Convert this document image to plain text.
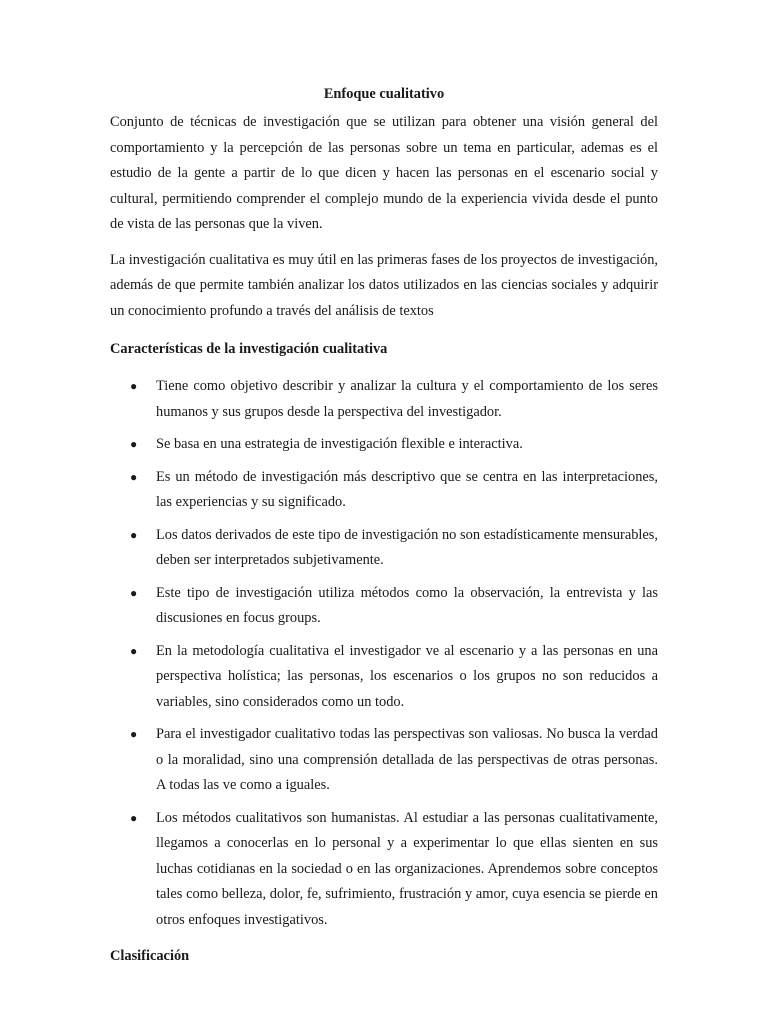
Enfoque cualitativo

Conjunto de técnicas de investigación que se utilizan para obtener una visión general del comportamiento y la percepción de las personas sobre un tema en particular, ademas es el estudio de la gente a partir de lo que dicen y hacen las personas en el escenario social y cultural, permitiendo comprender el complejo mundo de la experiencia vivida desde el punto de vista de las personas que la viven.

La investigación cualitativa es muy útil en las primeras fases de los proyectos de investigación, además de que permite también analizar los datos utilizados en las ciencias sociales y adquirir un conocimiento profundo a través del análisis de textos

Características de la investigación cualitativa
● Tiene como objetivo describir y analizar la cultura y el comportamiento de los seres humanos y sus grupos desde la perspectiva del investigador.
● Se basa en una estrategia de investigación flexible e interactiva.
● Es un método de investigación más descriptivo que se centra en las interpretaciones, las experiencias y su significado.
● Los datos derivados de este tipo de investigación no son estadísticamente mensurables, deben ser interpretados subjetivamente.
● Este tipo de investigación utiliza métodos como la observación, la entrevista y las discusiones en focus groups.
● En la metodología cualitativa el investigador ve al escenario y a las personas en una perspectiva holística; las personas, los escenarios o los grupos no son reducidos a variables, sino considerados como un todo.
● Para el investigador cualitativo todas las perspectivas son valiosas. No busca la verdad o la moralidad, sino una comprensión detallada de las perspectivas de otras personas. A todas las ve como a iguales.
● Los métodos cualitativos son humanistas. Al estudiar a las personas cualitativamente, llegamos a conocerlas en lo personal y a experimentar lo que ellas sienten en sus luchas cotidianas en la sociedad o en las organizaciones. Aprendemos sobre conceptos tales como belleza, dolor, fe, sufrimiento, frustración y amor, cuya esencia se pierde en otros enfoques investigativos.
Clasificación
